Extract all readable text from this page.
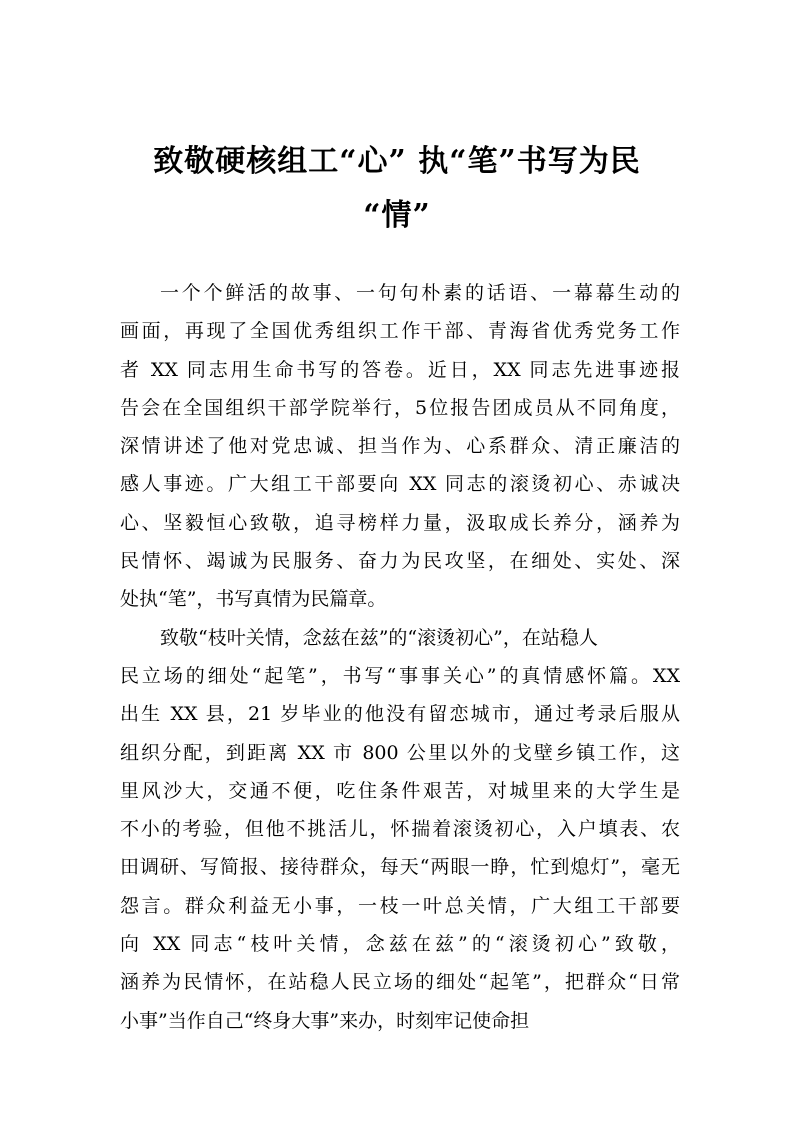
致敬硬核组工“心” 执“笔”书写为民
“情”
一个个鲜活的故事、一句句朴素的话语、一幕幕生动的
画面，再现了全国优秀组织工作干部、青海省优秀党务工作
者 XX 同志用生命书写的答卷。近日，XX 同志先进事迹报
告会在全国组织干部学院举行，5位报告团成员从不同角度，
深情讲述了他对党忠诚、担当作为、心系群众、清正廉洁的
感人事迹。广大组工干部要向 XX 同志的滚烫初心、赤诚决
心、坚毅恒心致敬，追寻榜样力量，汲取成长养分，涵养为
民情怀、竭诚为民服务、奋力为民攻坚，在细处、实处、深
处执“笔”，书写真情为民篇章。
致敬“枝叶关情，念兹在兹”的“滚烫初心”，在站稳人
民立场的细处“起笔”，书写“事事关心”的真情感怀篇。XX
出生 XX 县，21 岁毕业的他没有留恋城市，通过考录后服从
组织分配，到距离 XX 市 800 公里以外的戈壁乡镇工作，这
里风沙大，交通不便，吃住条件艰苦，对城里来的大学生是
不小的考验，但他不挑活儿，怀揣着滚烫初心，入户填表、农
田调研、写简报、接待群众，每天“两眼一睁，忙到熄灯”，毫无
怨言。群众利益无小事，一枝一叶总关情，广大组工干部要
向 XX 同志“枝叶关情，念兹在兹”的“滚烫初心”致敬，
涵养为民情怀，在站稳人民立场的细处“起笔”，把群众“日常
小事”当作自己“终身大事”来办，时刻牢记使命担
